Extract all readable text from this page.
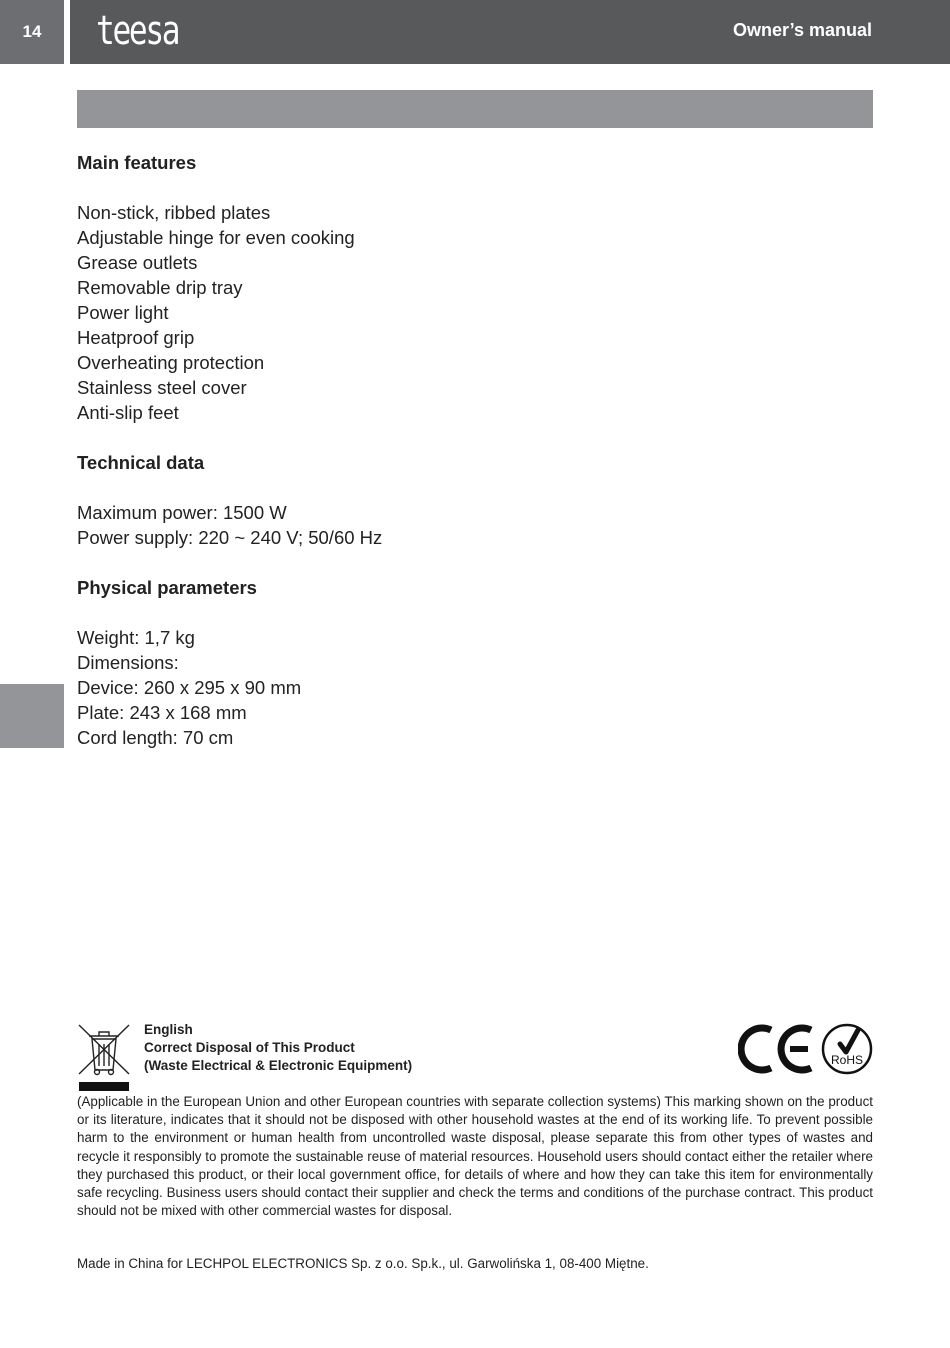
14	teesa	Owner’s manual

Main features

Non-stick, ribbed plates

Adjustable hinge for even cooking

Grease outlets

Removable drip tray

Power light

Heatproof grip

Overheating protection

Stainless steel cover

Anti-slip feet

Technical data

Maximum power: 1500 W

Power supply: 220 ~ 240 V; 50/60 Hz

Physical parameters

Weight: 1,7 kg

Dimensions:

Device: 260 x 295 x 90 mm

Plate: 243 x 168 mm

Cord length: 70 cm

English
Correct Disposal of This Product
(Waste Electrical & Electronic Equipment)	RoHS

(Applicable in the European Union and other European countries with separate collection systems) This marking shown on the product or its literature, indicates that it should not be disposed with other household wastes at the end of its working life. To prevent possible harm to the environment or human health from uncontrolled waste disposal, please separate this from other types of wastes and recycle it responsibly to promote the sustainable reuse of material resources. Household users should contact either the retailer where they purchased this product, or their local government office, for details of where and how they can take this item for environmentally safe recycling. Business users should contact their supplier and check the terms and conditions of the purchase contract. This product should not be mixed with other commercial wastes for disposal.

Made in China for LECHPOL ELECTRONICS Sp. z o.o. Sp.k., ul. Garwolińska 1, 08-400 Miętne.
